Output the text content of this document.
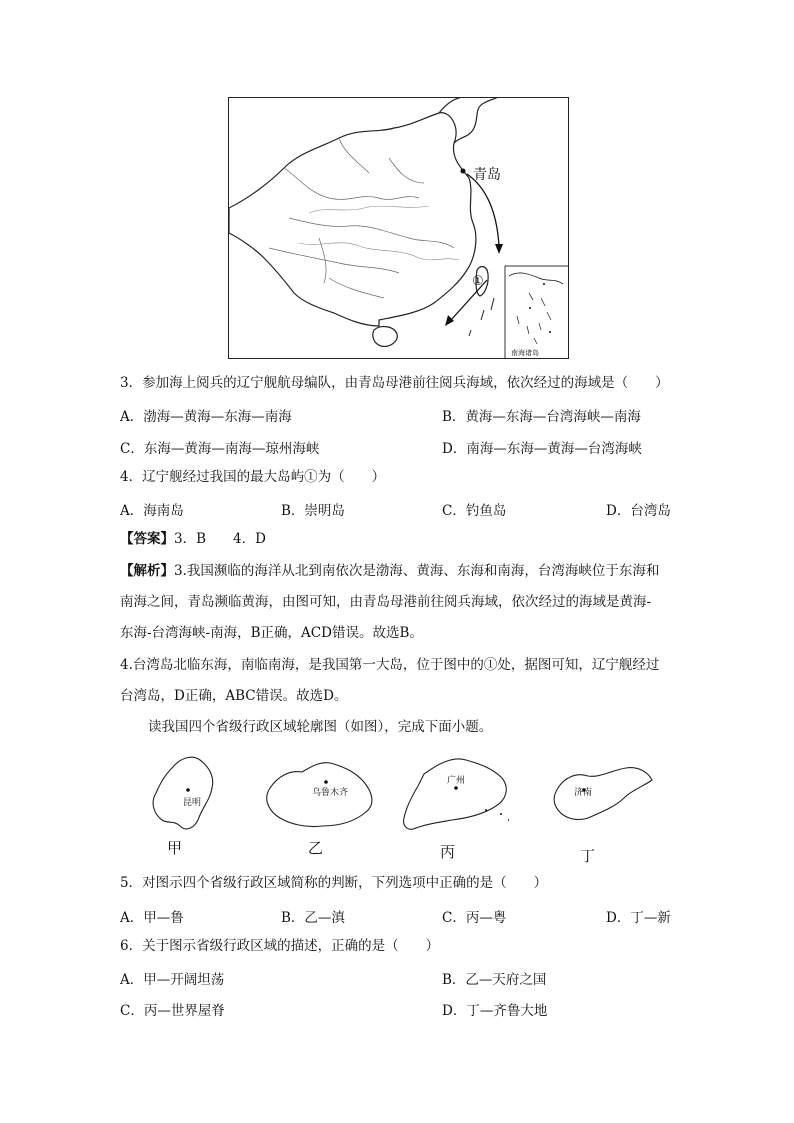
青岛
①
南海诸岛
3．参加海上阅兵的辽宁舰航母编队，由青岛母港前往阅兵海域，依次经过的海域是（　　）
A．渤海—黄海—东海—南海	B．黄海—东海—台湾海峡—南海
C．东海—黄海—南海—琼州海峡	D．南海—东海—黄海—台湾海峡
4．辽宁舰经过我国的最大岛屿①为（　　）
A．海南岛	B．崇明岛	C．钓鱼岛	D．台湾岛
【答案】3．B　　4．D
【解析】3.我国濒临的海洋从北到南依次是渤海、黄海、东海和南海，台湾海峡位于东海和
南海之间，青岛濒临黄海，由图可知，由青岛母港前往阅兵海域，依次经过的海域是黄海-
东海-台湾海峡-南海，B正确，ACD错误。故选B。
4.台湾岛北临东海，南临南海，是我国第一大岛，位于图中的①处，据图可知，辽宁舰经过
台湾岛，D正确，ABC错误。故选D。
读我国四个省级行政区域轮廓图（如图），完成下面小题。
昆明
乌鲁木齐
广州
济南
甲	乙	丙	丁
5．对图示四个省级行政区域简称的判断，下列选项中正确的是（　　）
A．甲—鲁	B．乙—滇	C．丙—粤	D．丁—新
6．关于图示省级行政区域的描述，正确的是（　　）
A．甲—开阔坦荡	B．乙—天府之国
C．丙—世界屋脊	D．丁—齐鲁大地
